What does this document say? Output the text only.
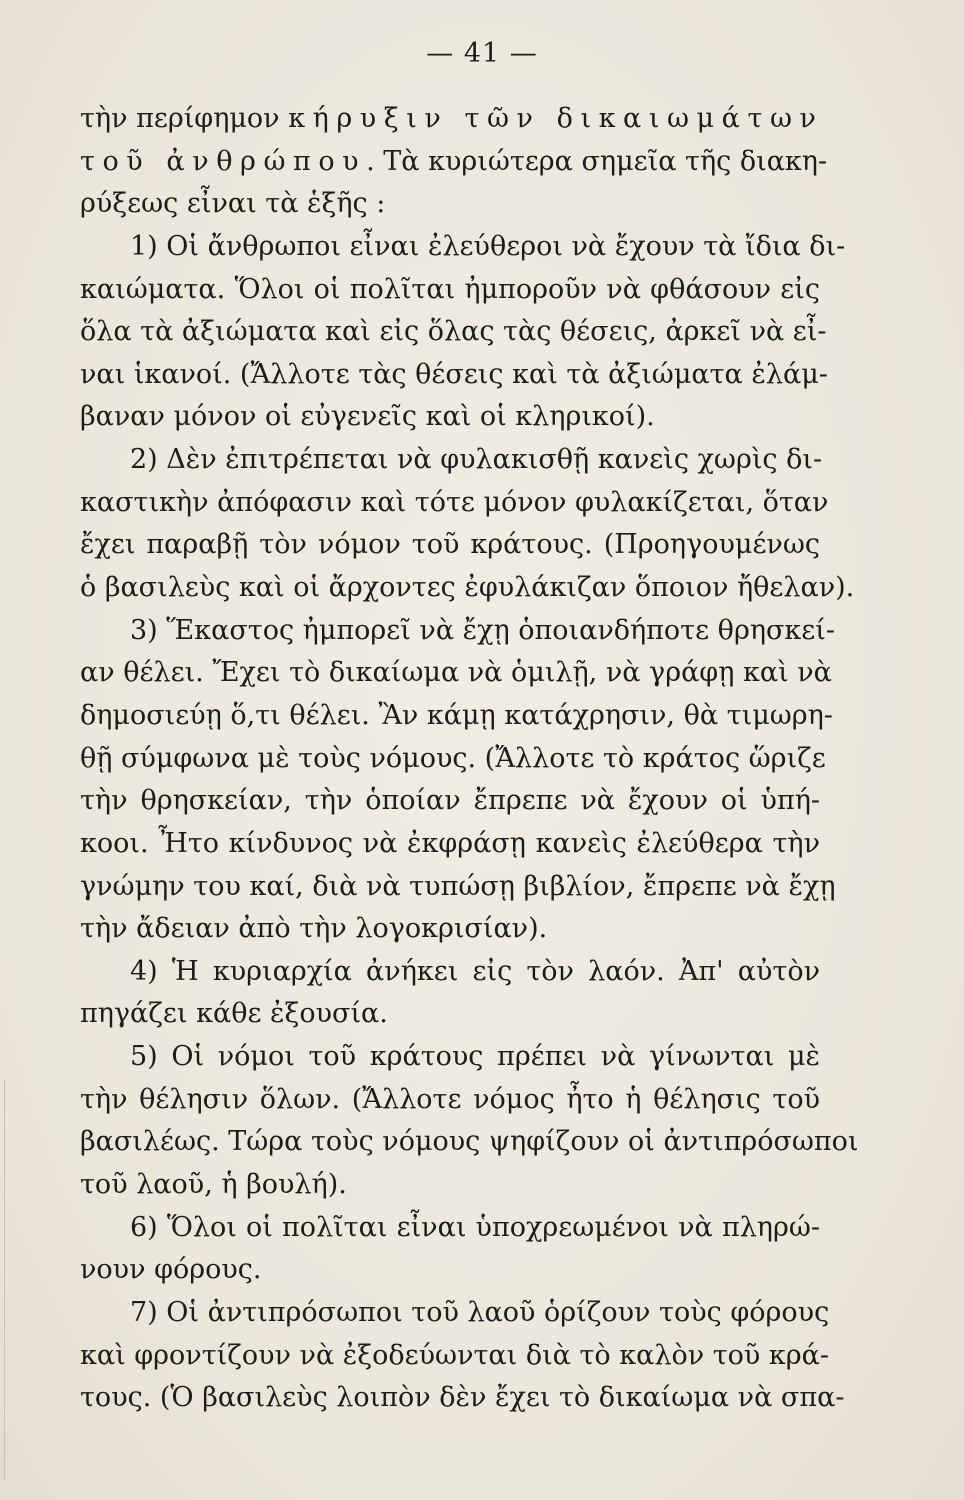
— 41 —
τὴν περίφημον κήρυξιν τῶν δικαιωμάτων
τοῦ ἀνθρώπου. Τὰ κυριώτερα σημεῖα τῆς διακη-
ρύξεως εἶναι τὰ ἑξῆς :
1) Οἱ ἄνθρωποι εἶναι ἐλεύθεροι νὰ ἔχουν τὰ ἴδια δι-
καιώματα. Ὅλοι οἱ πολῖται ἠμποροῦν νὰ φθάσουν εἰς
ὅλα τὰ ἀξιώματα καὶ εἰς ὅλας τὰς θέσεις, ἀρκεῖ νὰ εἶ-
ναι ἱκανοί. (Ἄλλοτε τὰς θέσεις καὶ τὰ ἀξιώματα ἐλάμ-
βαναν μόνον οἱ εὐγενεῖς καὶ οἱ κληρικοί).
2) Δὲν ἐπιτρέπεται νὰ φυλακισθῇ κανεὶς χωρὶς δι-
καστικὴν ἀπόφασιν καὶ τότε μόνον φυλακίζεται, ὅταν
ἔχει παραβῇ τὸν νόμον τοῦ κράτους. (Προηγουμένως
ὁ βασιλεὺς καὶ οἱ ἄρχοντες ἐφυλάκιζαν ὅποιον ἤθελαν).
3) Ἕκαστος ἠμπορεῖ νὰ ἔχῃ ὁποιανδήποτε θρησκεί-
αν θέλει. Ἔχει τὸ δικαίωμα νὰ ὁμιλῇ, νὰ γράφῃ καὶ νὰ
δημοσιεύῃ ὅ,τι θέλει. Ἂν κάμῃ κατάχρησιν, θὰ τιμωρη-
θῇ σύμφωνα μὲ τοὺς νόμους. (Ἄλλοτε τὸ κράτος ὥριζε
τὴν θρησκείαν, τὴν ὁποίαν ἔπρεπε νὰ ἔχουν οἱ ὑπή-
κοοι. Ἦτο κίνδυνος νὰ ἐκφράσῃ κανεὶς ἐλεύθερα τὴν
γνώμην του καί, διὰ νὰ τυπώσῃ βιβλίον, ἔπρεπε νὰ ἔχῃ
τὴν ἄδειαν ἀπὸ τὴν λογοκρισίαν).
4) Ἡ κυριαρχία ἀνήκει εἰς τὸν λαόν. Ἀπ' αὐτὸν
πηγάζει κάθε ἐξουσία.
5) Οἱ νόμοι τοῦ κράτους πρέπει νὰ γίνωνται μὲ
τὴν θέλησιν ὅλων. (Ἄλλοτε νόμος ἦτο ἡ θέλησις τοῦ
βασιλέως. Τώρα τοὺς νόμους ψηφίζουν οἱ ἀντιπρόσωποι
τοῦ λαοῦ, ἡ βουλή).
6) Ὅλοι οἱ πολῖται εἶναι ὑποχρεωμένοι νὰ πληρώ-
νουν φόρους.
7) Οἱ ἀντιπρόσωποι τοῦ λαοῦ ὁρίζουν τοὺς φόρους
καὶ φροντίζουν νὰ ἐξοδεύωνται διὰ τὸ καλὸν τοῦ κρά-
τους. (Ὁ βασιλεὺς λοιπὸν δὲν ἔχει τὸ δικαίωμα νὰ σπα-
